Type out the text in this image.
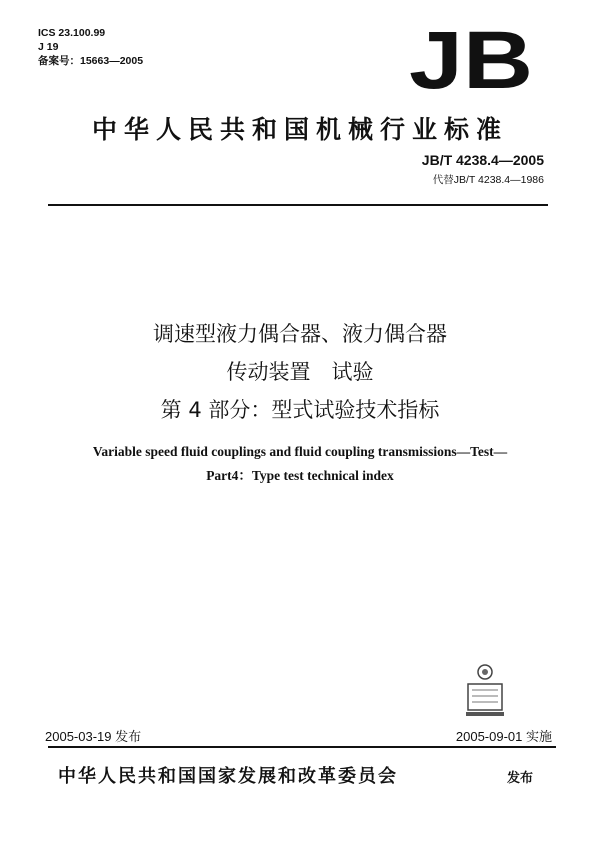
ICS 23.100.99
J 19
备案号：15663—2005	JB
中华人民共和国机械行业标准
JB/T 4238.4—2005
代替JB/T 4238.4—1986
调速型液力偶合器、液力偶合器
传动装置　试验
第 4 部分：型式试验技术指标
Variable speed fluid couplings and fluid coupling transmissions—Test—
Part4：Type test technical index
2005-03-19 发布	2005-09-01 实施
中华人民共和国国家发展和改革委员会	发布
